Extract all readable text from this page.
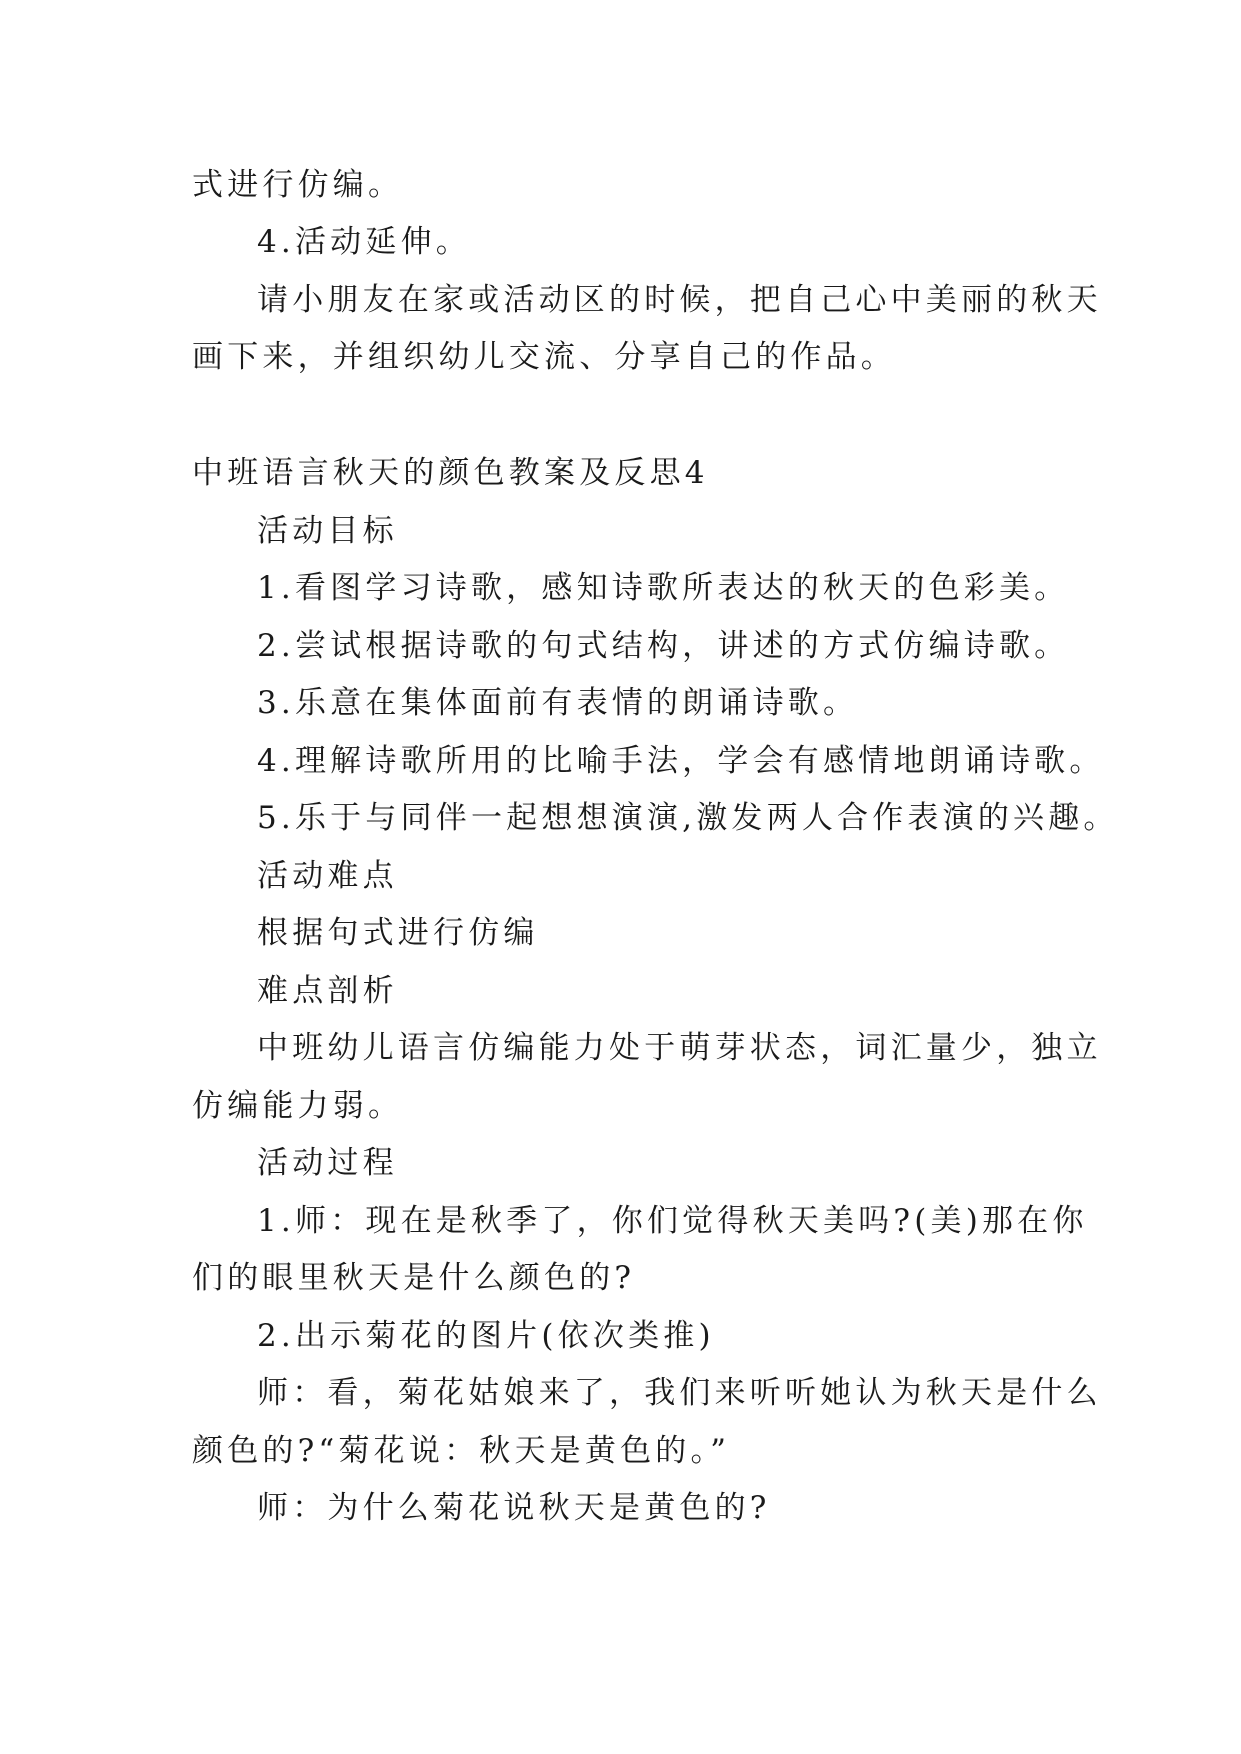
式进行仿编。
4.活动延伸。
请小朋友在家或活动区的时候，把自己心中美丽的秋天
画下来，并组织幼儿交流、分享自己的作品。
中班语言秋天的颜色教案及反思4
活动目标
1.看图学习诗歌，感知诗歌所表达的秋天的色彩美。
2.尝试根据诗歌的句式结构，讲述的方式仿编诗歌。
3.乐意在集体面前有表情的朗诵诗歌。
4.理解诗歌所用的比喻手法，学会有感情地朗诵诗歌。
5.乐于与同伴一起想想演演,激发两人合作表演的兴趣。
活动难点
根据句式进行仿编
难点剖析
中班幼儿语言仿编能力处于萌芽状态，词汇量少，独立
仿编能力弱。
活动过程
1.师：现在是秋季了，你们觉得秋天美吗?(美)那在你
们的眼里秋天是什么颜色的?
2.出示菊花的图片(依次类推)
师：看，菊花姑娘来了，我们来听听她认为秋天是什么
颜色的?“菊花说：秋天是黄色的。”
师：为什么菊花说秋天是黄色的?
